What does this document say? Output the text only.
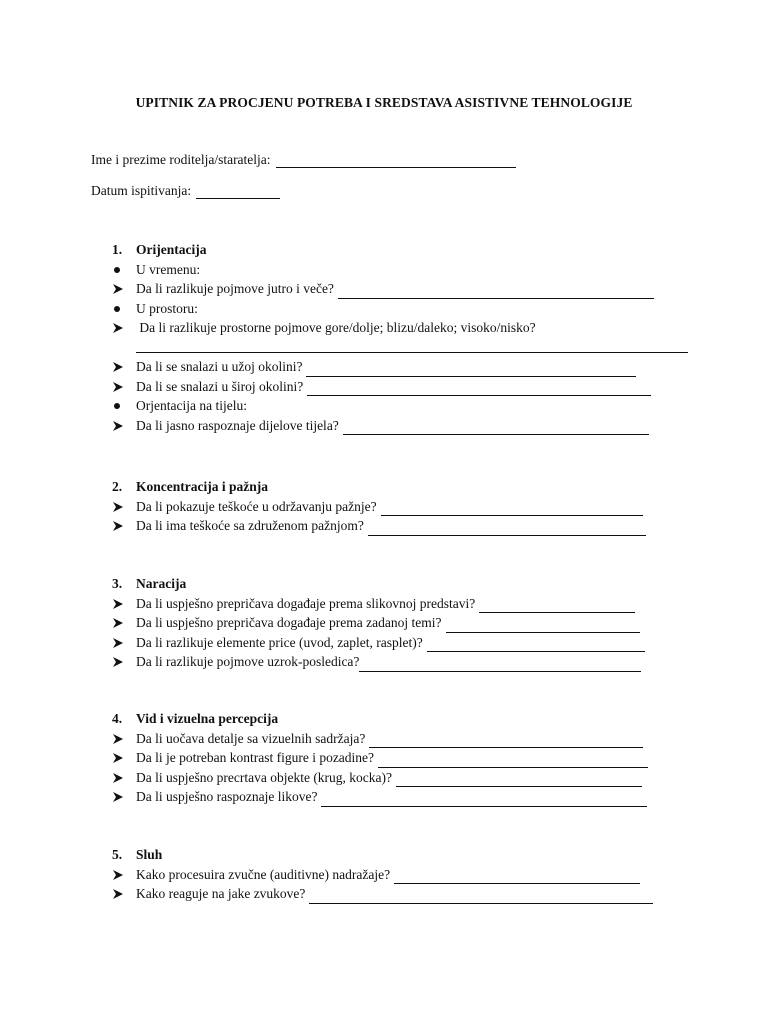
UPITNIK ZA PROCJENU POTREBA I SREDSTAVA ASISTIVNE TEHNOLOGIJE
Ime i prezime roditelja/staratelja:
Datum ispitivanja:
1. Orijentacija
U vremenu:
Da li razlikuje pojmove jutro i veče?
U prostoru:
Da li razlikuje prostorne pojmove gore/dolje; blizu/daleko; visoko/nisko?
Da li se snalazi u užoj okolini?
Da li se snalazi u široj okolini?
Orjentacija na tijelu:
Da li jasno raspoznaje dijelove tijela?
2. Koncentracija i pažnja
Da li pokazuje teškoće u održavanju pažnje?
Da li ima teškoće sa združenom pažnjom?
3. Naracija
Da li uspješno prepričava događaje prema slikovnoj predstavi?
Da li uspješno prepričava događaje prema zadanoj temi?
Da li razlikuje elemente price (uvod, zaplet, rasplet)?
Da li razlikuje pojmove uzrok-posledica?
4. Vid i vizuelna percepcija
Da li uočava detalje sa vizuelnih sadržaja?
Da li je potreban kontrast figure i pozadine?
Da li uspješno precrtava objekte (krug, kocka)?
Da li uspješno raspoznaje likove?
5. Sluh
Kako procesuira zvučne (auditivne) nadražaje?
Kako reaguje na jake zvukove?
